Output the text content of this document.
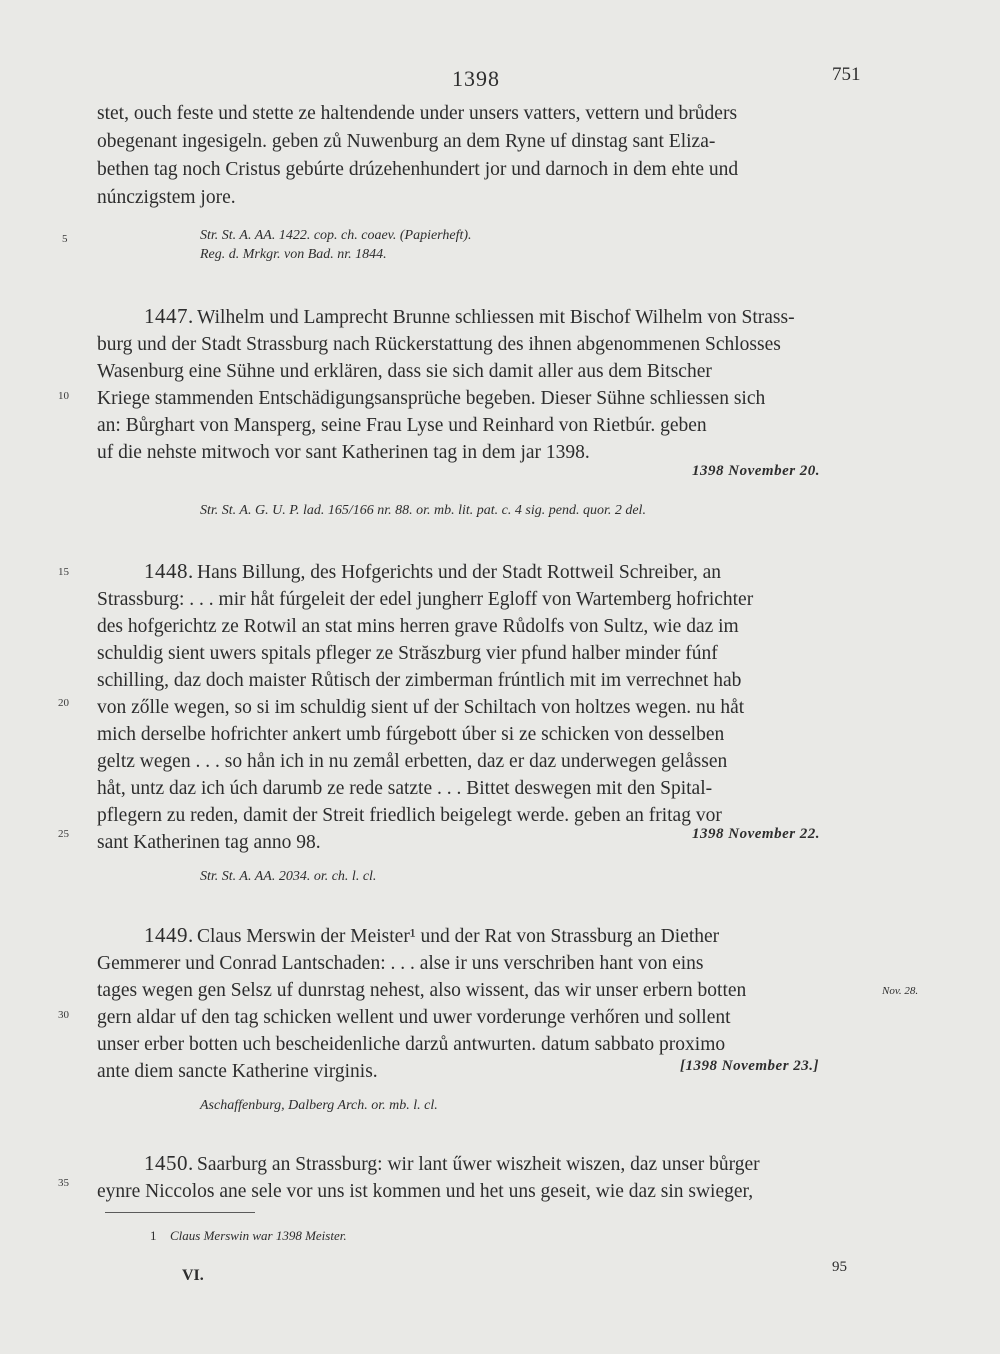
1398	751
5
10
15
20
25
30
35
stet, ouch feste und stette ze haltendende under unsers vatters, vettern und brůders
obegenant ingesigeln. geben zů Nuwenburg an dem Ryne uf dinstag sant Eliza-
bethen tag noch Cristus gebúrte drúzehenhundert jor und darnoch in dem ehte und
núnczigstem jore.
Str. St. A. AA. 1422. cop. ch. coaev. (Papierheft).
Reg. d. Mrkgr. von Bad. nr. 1844.
1447. Wilhelm und Lamprecht Brunne schliessen mit Bischof Wilhelm von Strass-
burg und der Stadt Strassburg nach Rückerstattung des ihnen abgenommenen Schlosses
Wasenburg eine Sühne und erklären, dass sie sich damit aller aus dem Bitscher
Kriege stammenden Entschädigungsansprüche begeben. Dieser Sühne schliessen sich
an: Bůrghart von Mansperg, seine Frau Lyse und Reinhard von Rietbúr. geben
uf die nehste mitwoch vor sant Katherinen tag in dem jar 1398.
1398 November 20.
Str. St. A. G. U. P. lad. 165/166 nr. 88. or. mb. lit. pat. c. 4 sig. pend. quor. 2 del.
1448. Hans Billung, des Hofgerichts und der Stadt Rottweil Schreiber, an
Strassburg: . . . mir håt fúrgeleit der edel jungherr Egloff von Wartemberg hofrichter
des hofgerichtz ze Rotwil an stat mins herren grave Růdolfs von Sultz, wie daz im
schuldig sient uwers spitals pfleger ze Străszburg vier pfund halber minder fúnf
schilling, daz doch maister Růtisch der zimberman frúntlich mit im verrechnet hab
von zőlle wegen, so si im schuldig sient uf der Schiltach von holtzes wegen. nu håt
mich derselbe hofrichter ankert umb fúrgebott úber si ze schicken von desselben
geltz wegen . . . so hån ich in nu zemål erbetten, daz er daz underwegen gelåssen
håt, untz daz ich úch darumb ze rede satzte . . . Bittet deswegen mit den Spital-
pflegern zu reden, damit der Streit friedlich beigelegt werde. geben an fritag vor
sant Katherinen tag anno 98.	1398 November 22.
Str. St. A. AA. 2034. or. ch. l. cl.
1449. Claus Merswin der Meister¹ und der Rat von Strassburg an Diether
Gemmerer und Conrad Lantschaden: . . . alse ir uns verschriben hant von eins
tages wegen gen Selsz uf dunrstag nehest, also wissent, das wir unser erbern botten	Nov. 28.
gern aldar uf den tag schicken wellent und uwer vorderunge verhőren und sollent
unser erber botten uch bescheidenliche darzů antwurten. datum sabbato proximo
ante diem sancte Katherine virginis.	[1398 November 23.]
Aschaffenburg, Dalberg Arch. or. mb. l. cl.
1450. Saarburg an Strassburg: wir lant űwer wiszheit wiszen, daz unser bůrger
eynre Niccolos ane sele vor uns ist kommen und het uns geseit, wie daz sin swieger,
1 Claus Merswin war 1398 Meister.
VI.	95
